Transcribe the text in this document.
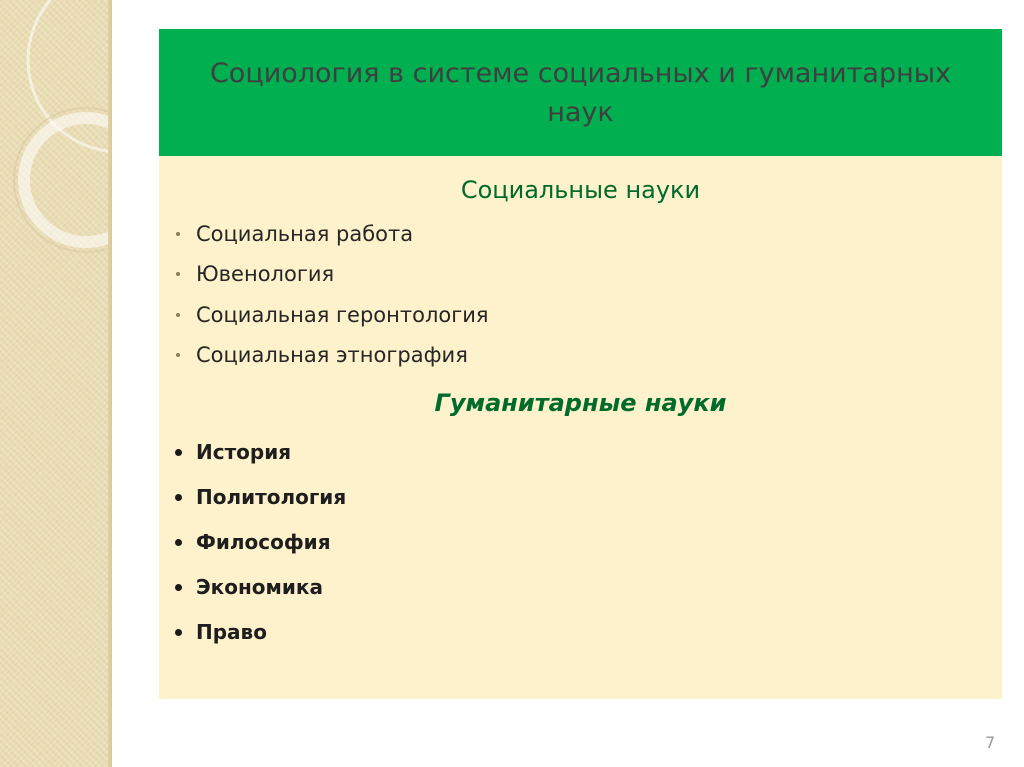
Социология в системе социальных и гуманитарных наук
Социальные науки
Социальная работа
Ювенология
Социальная геронтология
Социальная этнография
Гуманитарные науки
История
Политология
Философия
Экономика
Право
7
